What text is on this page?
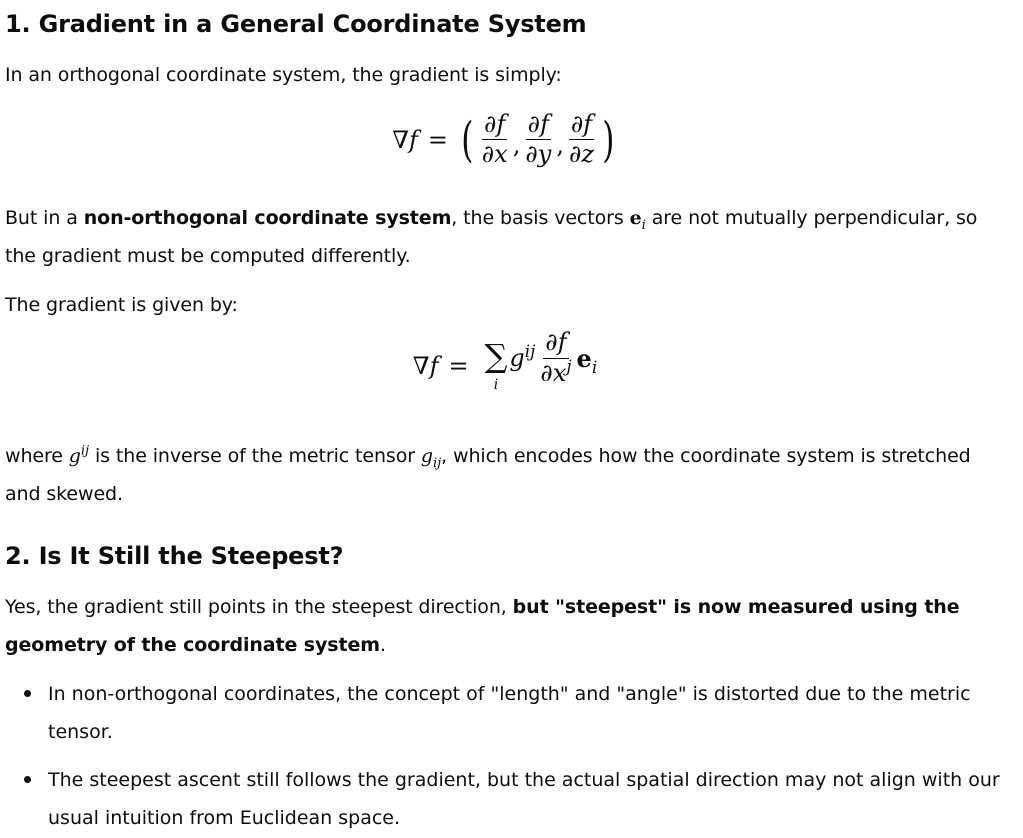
1. Gradient in a General Coordinate System

In an orthogonal coordinate system, the gradient is simply:

∇f = ( $\frac{\partial f}{\partial x}$ , $\frac{\partial f}{\partial y}$ , $\frac{\partial f}{\partial z}$ )

But in a non-orthogonal coordinate system, the basis vectors $e_i$ are not mutually perpendicular, so the gradient must be computed differently.

The gradient is given by:

∇f = ∑
i
$g^{ij} \frac{\partial f}{\partial x^j} e_i$

where $g^{ij}$ is the inverse of the metric tensor $g_{ij}$, which encodes how the coordinate system is stretched and skewed.

2. Is It Still the Steepest?

Yes, the gradient still points in the steepest direction, but "steepest" is now measured using the geometry of the coordinate system.

In non-orthogonal coordinates, the concept of "length" and "angle" is distorted due to the metric tensor.
The steepest ascent still follows the gradient, but the actual spatial direction may not align with our usual intuition from Euclidean space.
